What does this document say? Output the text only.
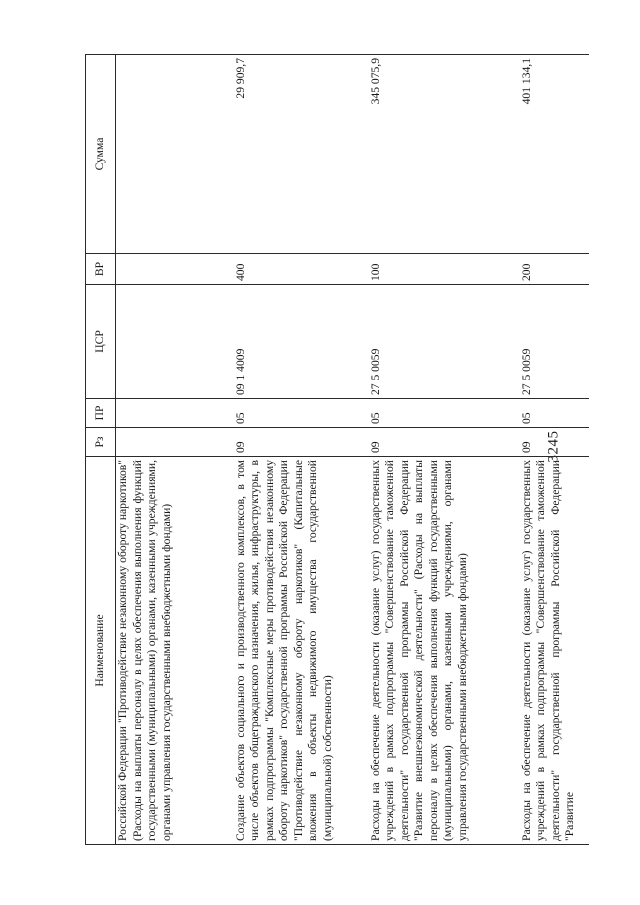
3245
Наименование	Рз	ПР	ЦСР	ВР	Сумма
Российской Федерации "Противодействие незаконному обороту наркотиков" (Расходы на выплаты персоналу в целях обеспечения выполнения функций государственными (муниципальными) органами, казенными учреждениями, органами управления государственными внебюджетными фондами)					
Создание объектов социального и производственного комплексов, в том числе объектов общегражданского назначения, жилья, инфраструктуры, в рамках подпрограммы "Комплексные меры противодействия незаконному обороту наркотиков" государственной программы Российской Федерации "Противодействие незаконному обороту наркотиков" (Капитальные вложения в объекты недвижимого имущества государственной (муниципальной) собственности)	09	05	09 1 4009	400	29 909,7
Расходы на обеспечение деятельности (оказание услуг) государственных учреждений в рамках подпрограммы "Совершенствование таможенной деятельности" государственной программы Российской Федерации "Развитие внешнеэкономической деятельности" (Расходы на выплаты персоналу в целях обеспечения выполнения функций государственными (муниципальными) органами, казенными учреждениями, органами управления государственными внебюджетными фондами)	09	05	27 5 0059	100	345 075,9
Расходы на обеспечение деятельности (оказание услуг) государственных учреждений в рамках подпрограммы "Совершенствование таможенной деятельности" государственной программы Российской Федерации "Развитие	09	05	27 5 0059	200	401 134,1
